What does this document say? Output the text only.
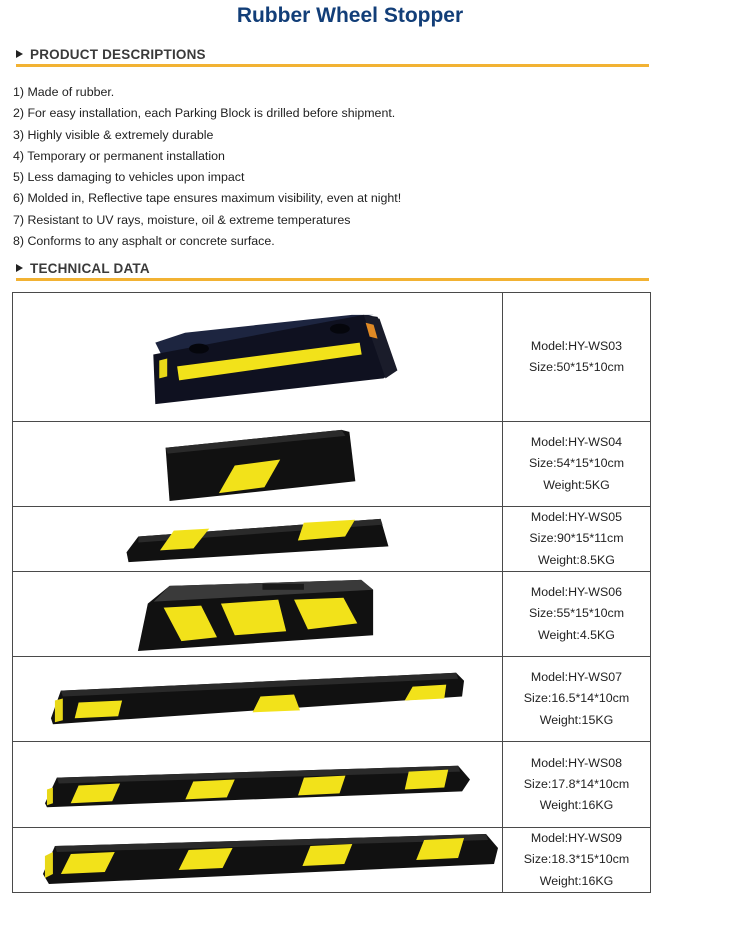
Rubber Wheel Stopper
PRODUCT DESCRIPTIONS
1) Made of rubber.
2) For easy installation, each Parking Block is drilled before shipment.
3) Highly visible & extremely durable
4) Temporary or permanent installation
5) Less damaging to vehicles upon impact
6) Molded in, Reflective tape ensures maximum visibility, even at night!
7) Resistant to UV rays, moisture, oil & extreme temperatures
8) Conforms to any asphalt or concrete surface.
TECHNICAL DATA
Model:HY-WS03
Size:50*15*10cm
Model:HY-WS04
Size:54*15*10cm
Weight:5KG
Model:HY-WS05
Size:90*15*11cm
Weight:8.5KG
Model:HY-WS06
Size:55*15*10cm
Weight:4.5KG
Model:HY-WS07
Size:16.5*14*10cm
Weight:15KG
Model:HY-WS08
Size:17.8*14*10cm
Weight:16KG
Model:HY-WS09
Size:18.3*15*10cm
Weight:16KG
